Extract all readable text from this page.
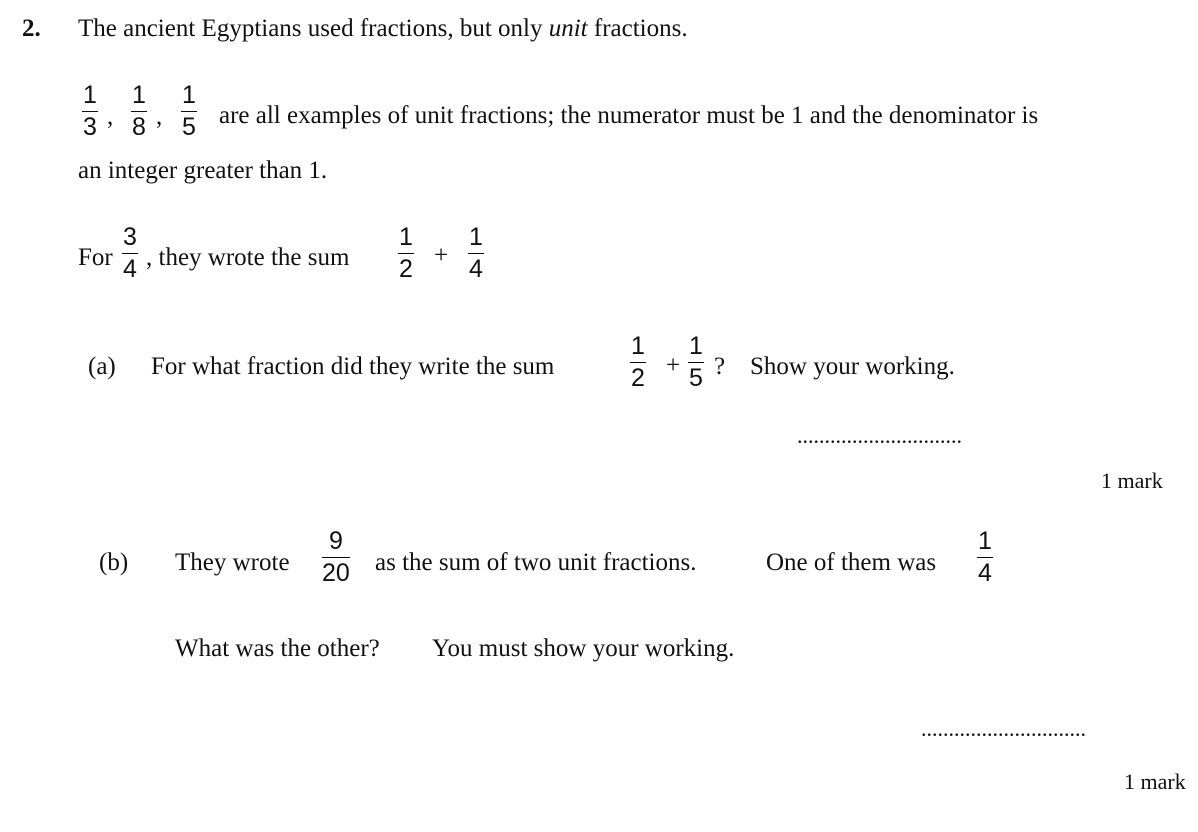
2. The ancient Egyptians used fractions, but only unit fractions.
1
3 ,
1
8 ,
1
5 are all examples of unit fractions; the numerator must be 1 and the denominator is
an integer greater than 1.
For
3
4 , they wrote the sum
1
2 +
1
4
(a) For what fraction did they write the sum
1
2 +
1
5 ? Show your working.
..............................
1 mark
(b) They wrote
9
20 as the sum of two unit fractions.	One of them was
1
4
What was the other? You must show your working.
..............................
1 mark
